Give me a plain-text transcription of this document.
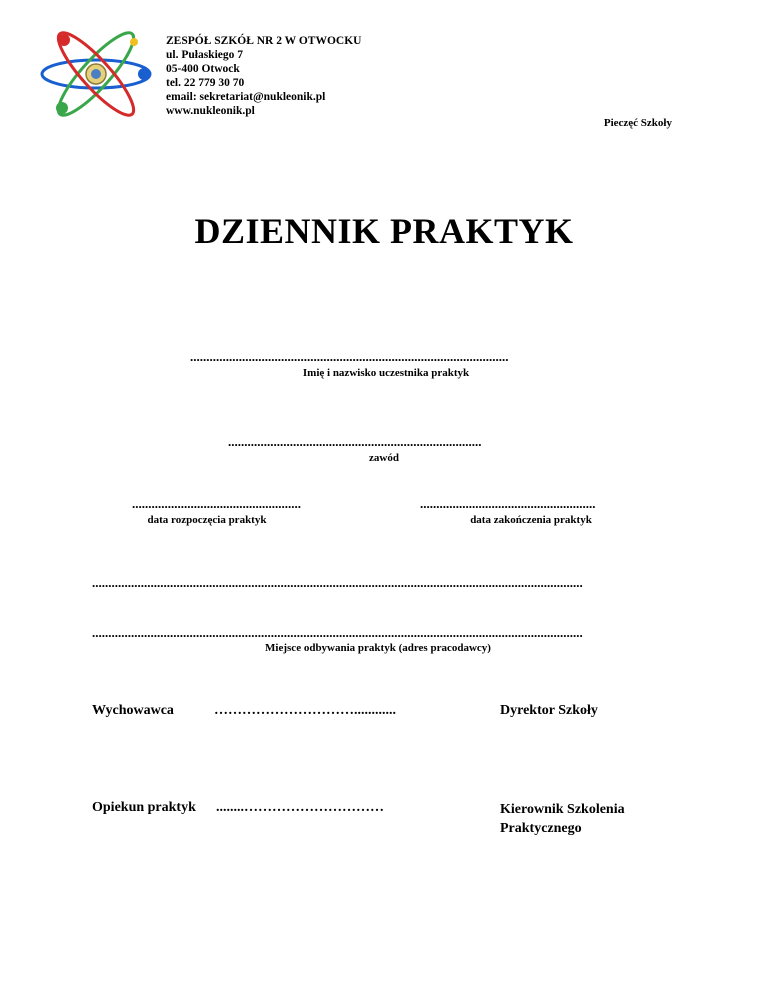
ZESPÓŁ SZKÓŁ NR 2 W OTWOCKU
ul. Pułaskiego 7
05-400 Otwock
tel. 22 779 30 70
email: sekretariat@nukleonik.pl
www.nukleonik.pl
Pieczęć Szkoły
DZIENNIK PRAKTYK
..................................................................................................
Imię i nazwisko uczestnika praktyk
..............................................................................
zawód
....................................................
data rozpoczęcia praktyk
......................................................
data zakończenia praktyk
.......................................................................................................................................................
.......................................................................................................................................................
Miejsce odbywania praktyk (adres pracodawcy)
Wychowawca	…………………………............	Dyrektor Szkoły
Opiekun praktyk ........…………………………	Kierownik Szkolenia
Praktycznego
